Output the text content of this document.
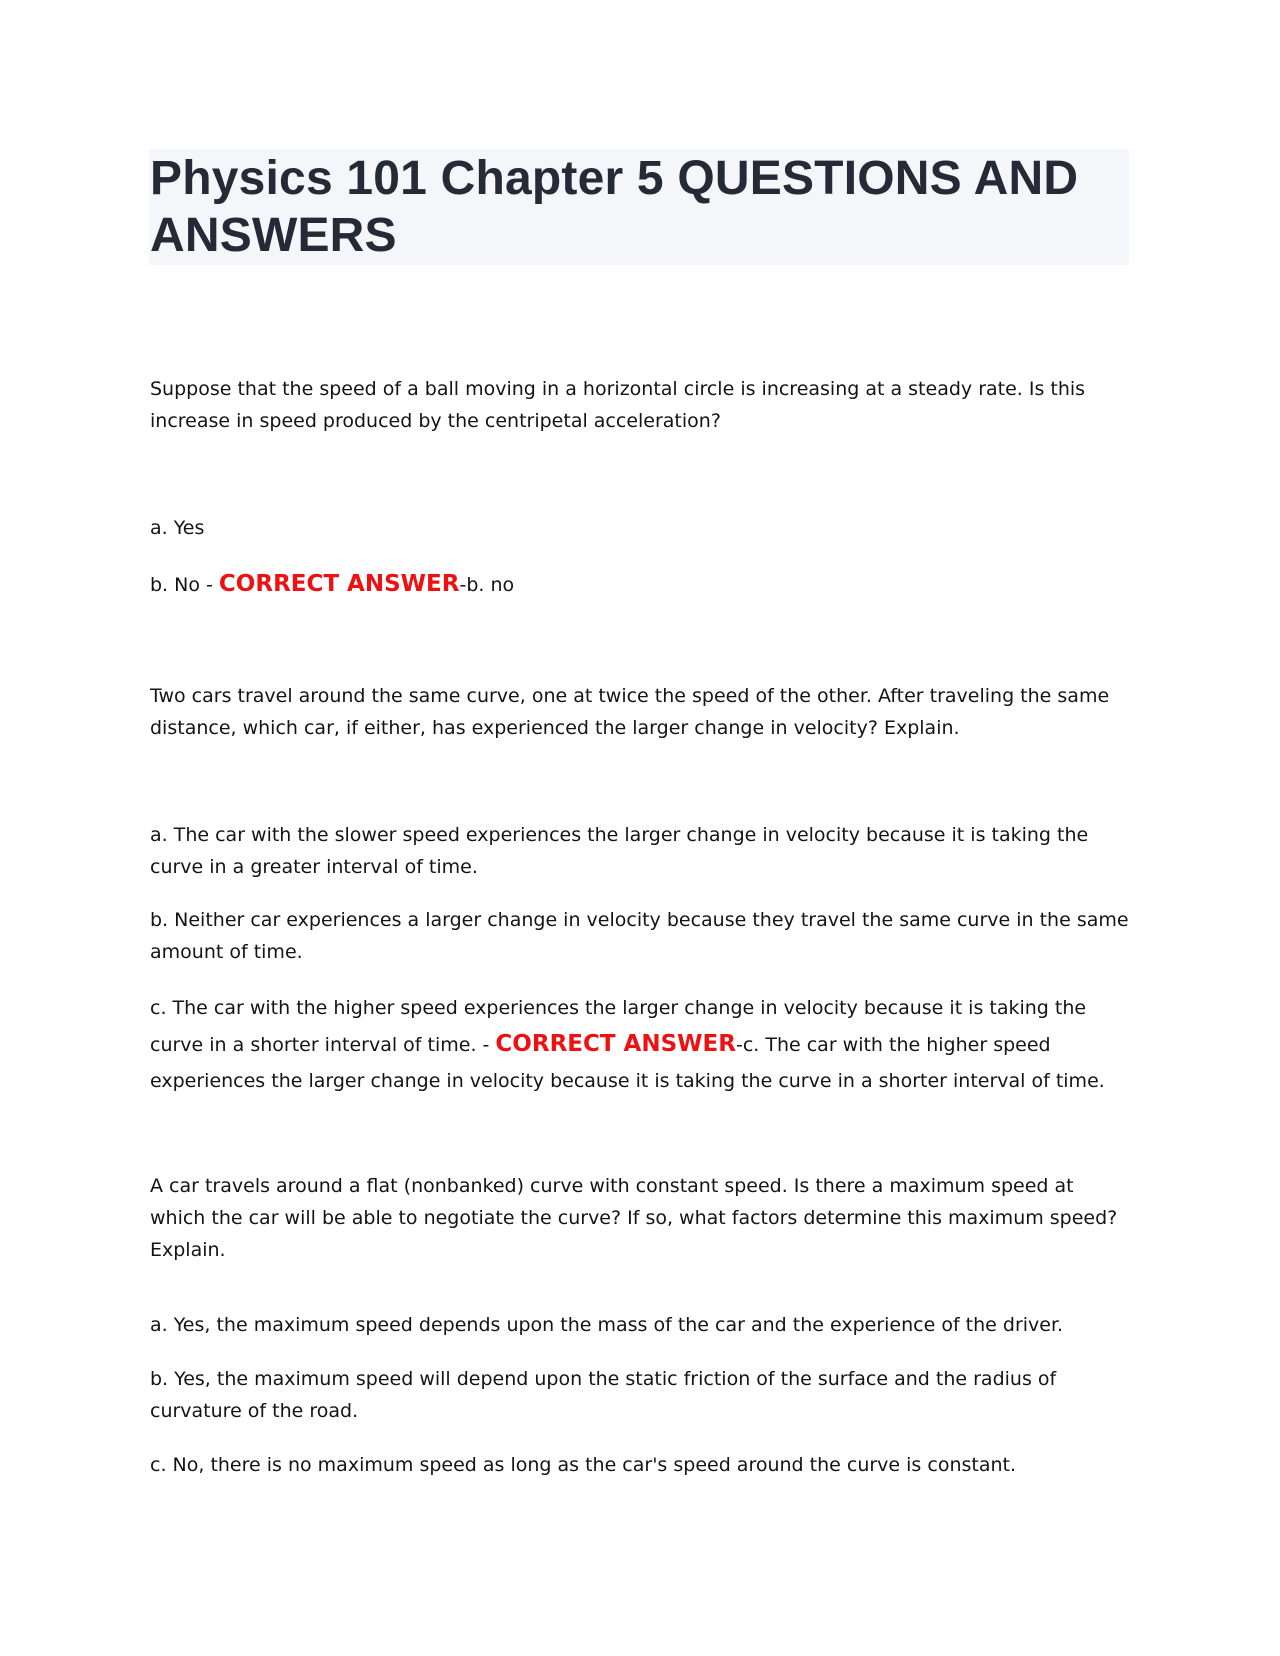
Physics 101 Chapter 5 QUESTIONS AND ANSWERS

Suppose that the speed of a ball moving in a horizontal circle is increasing at a steady rate. Is this increase in speed produced by the centripetal acceleration?

a. Yes

b. No - CORRECT ANSWER-b. no

Two cars travel around the same curve, one at twice the speed of the other. After traveling the same distance, which car, if either, has experienced the larger change in velocity? Explain.

a. The car with the slower speed experiences the larger change in velocity because it is taking the curve in a greater interval of time.

b. Neither car experiences a larger change in velocity because they travel the same curve in the same amount of time.

c. The car with the higher speed experiences the larger change in velocity because it is taking the curve in a shorter interval of time. - CORRECT ANSWER-c. The car with the higher speed experiences the larger change in velocity because it is taking the curve in a shorter interval of time.

A car travels around a flat (nonbanked) curve with constant speed. Is there a maximum speed at which the car will be able to negotiate the curve? If so, what factors determine this maximum speed? Explain.

a. Yes, the maximum speed depends upon the mass of the car and the experience of the driver.

b. Yes, the maximum speed will depend upon the static friction of the surface and the radius of curvature of the road.

c. No, there is no maximum speed as long as the car's speed around the curve is constant.
